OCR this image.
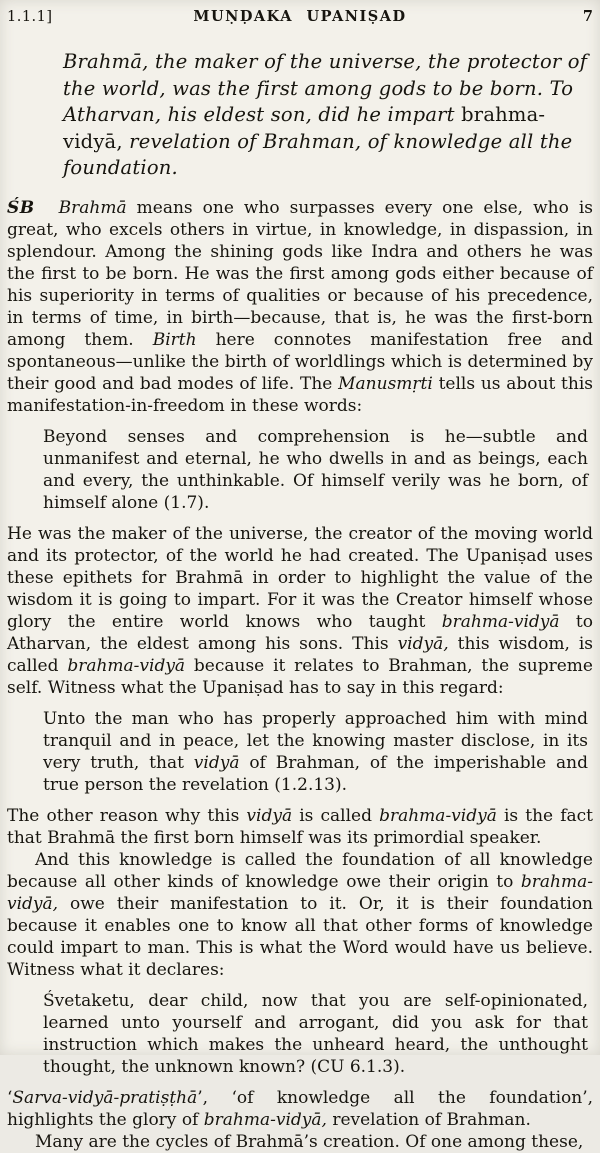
1.1.1]	MUṆḌAKA UPANIṢAD	7

Brahmā, the maker of the universe, the protector of the world, was the first among gods to be born. To Atharvan, his eldest son, did he impart brahma-vidyā, revelation of Brahman, of knowledge all the foundation.

ŚB Brahmā means one who surpasses every one else, who is great, who excels others in virtue, in knowledge, in dispassion, in splendour. Among the shining gods like Indra and others he was the first to be born. He was the first among gods either because of his superiority in terms of qualities or because of his precedence, in terms of time, in birth—because, that is, he was the first-born among them. Birth here connotes manifestation free and spontaneous—unlike the birth of worldlings which is determined by their good and bad modes of life. The Manusmṛti tells us about this manifestation-in-freedom in these words:

Beyond senses and comprehension is he—subtle and unmanifest and eternal, he who dwells in and as beings, each and every, the unthinkable. Of himself verily was he born, of himself alone (1.7).

He was the maker of the universe, the creator of the moving world and its protector, of the world he had created. The Upaniṣad uses these epithets for Brahmā in order to highlight the value of the wisdom it is going to impart. For it was the Creator himself whose glory the entire world knows who taught brahma-vidyā to Atharvan, the eldest among his sons. This vidyā, this wisdom, is called brahma-vidyā because it relates to Brahman, the supreme self. Witness what the Upaniṣad has to say in this regard:

Unto the man who has properly approached him with mind tranquil and in peace, let the knowing master disclose, in its very truth, that vidyā of Brahman, of the imperishable and true person the revelation (1.2.13).

The other reason why this vidyā is called brahma-vidyā is the fact that Brahmā the first born himself was its primordial speaker.

And this knowledge is called the foundation of all knowledge because all other kinds of knowledge owe their origin to brahma-vidyā, owe their manifestation to it. Or, it is their foundation because it enables one to know all that other forms of knowledge could impart to man. This is what the Word would have us believe. Witness what it declares:

Śvetaketu, dear child, now that you are self-opinionated, learned unto yourself and arrogant, did you ask for that instruction which makes the unheard heard, the unthought thought, the unknown known? (CU 6.1.3).

‘Sarva-vidyā-pratiṣṭhā’, ‘of knowledge all the foundation’, highlights the glory of brahma-vidyā, revelation of Brahman.

Many are the cycles of Brahmā’s creation. Of one among these,
